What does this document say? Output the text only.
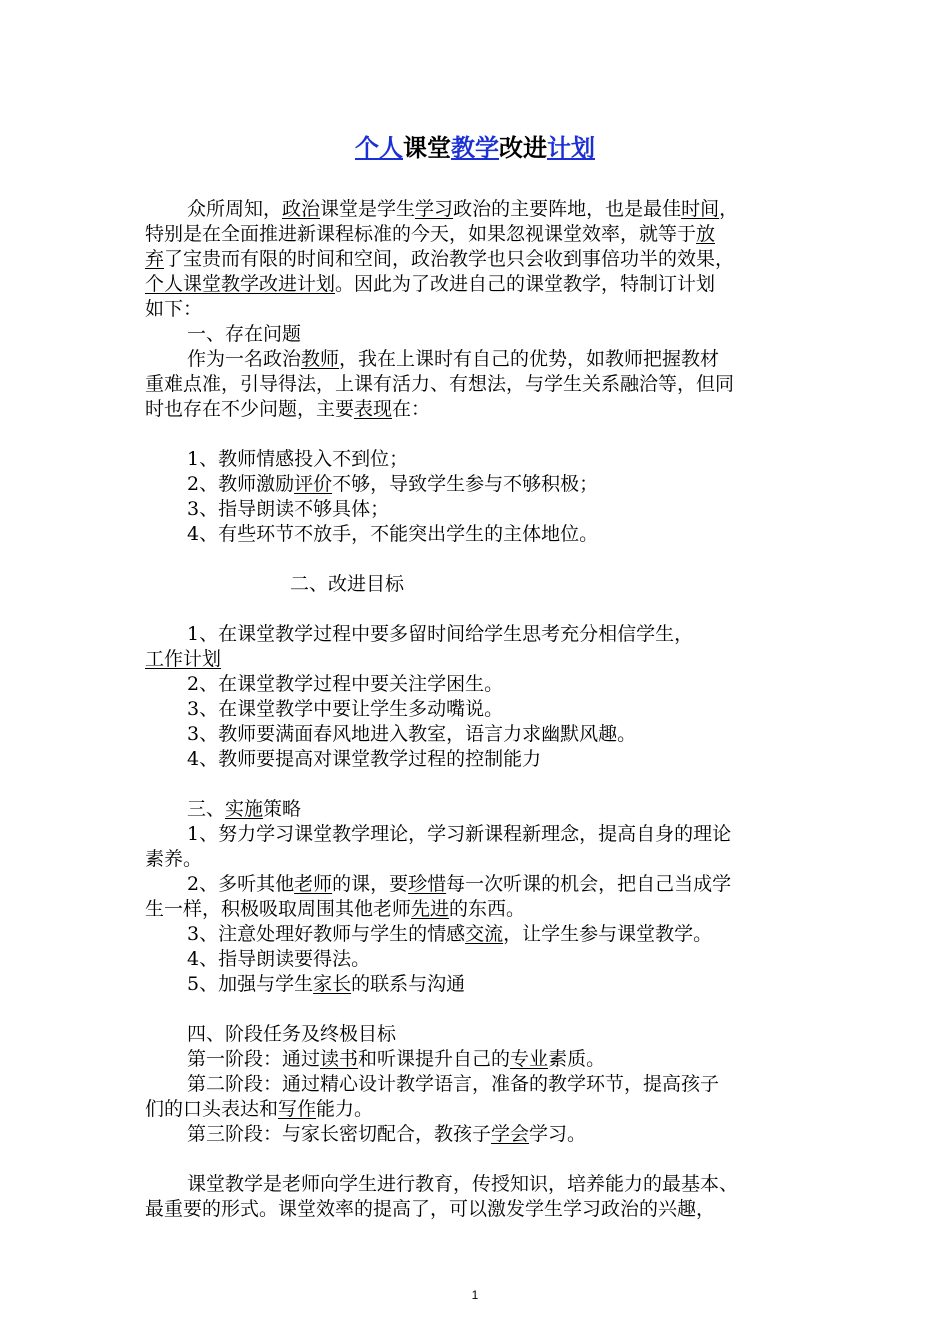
个人课堂教学改进计划
众所周知，政治课堂是学生学习政治的主要阵地，也是最佳时间，
特别是在全面推进新课程标准的今天，如果忽视课堂效率，就等于放
弃了宝贵而有限的时间和空间，政治教学也只会收到事倍功半的效果，
个人课堂教学改进计划。因此为了改进自己的课堂教学，特制订计划
如下：
一、存在问题
作为一名政治教师，我在上课时有自己的优势，如教师把握教材
重难点准，引导得法，上课有活力、有想法，与学生关系融洽等，但同
时也存在不少问题，主要表现在：
1、教师情感投入不到位；
2、教师激励评价不够，导致学生参与不够积极；
3、指导朗读不够具体；
4、有些环节不放手，不能突出学生的主体地位。
二、改进目标
1、在课堂教学过程中要多留时间给学生思考充分相信学生，
工作计划
2、在课堂教学过程中要关注学困生。
3、在课堂教学中要让学生多动嘴说。
3、教师要满面春风地进入教室，语言力求幽默风趣。
4、教师要提高对课堂教学过程的控制能力
三、实施策略
1、努力学习课堂教学理论，学习新课程新理念，提高自身的理论
素养。
2、多听其他老师的课，要珍惜每一次听课的机会，把自己当成学
生一样，积极吸取周围其他老师先进的东西。
3、注意处理好教师与学生的情感交流，让学生参与课堂教学。
4、指导朗读要得法。
5、加强与学生家长的联系与沟通
四、阶段任务及终极目标
第一阶段：通过读书和听课提升自己的专业素质。
第二阶段：通过精心设计教学语言，准备的教学环节，提高孩子
们的口头表达和写作能力。
第三阶段：与家长密切配合，教孩子学会学习。
课堂教学是老师向学生进行教育，传授知识，培养能力的最基本、
最重要的形式。课堂效率的提高了，可以激发学生学习政治的兴趣，
1
